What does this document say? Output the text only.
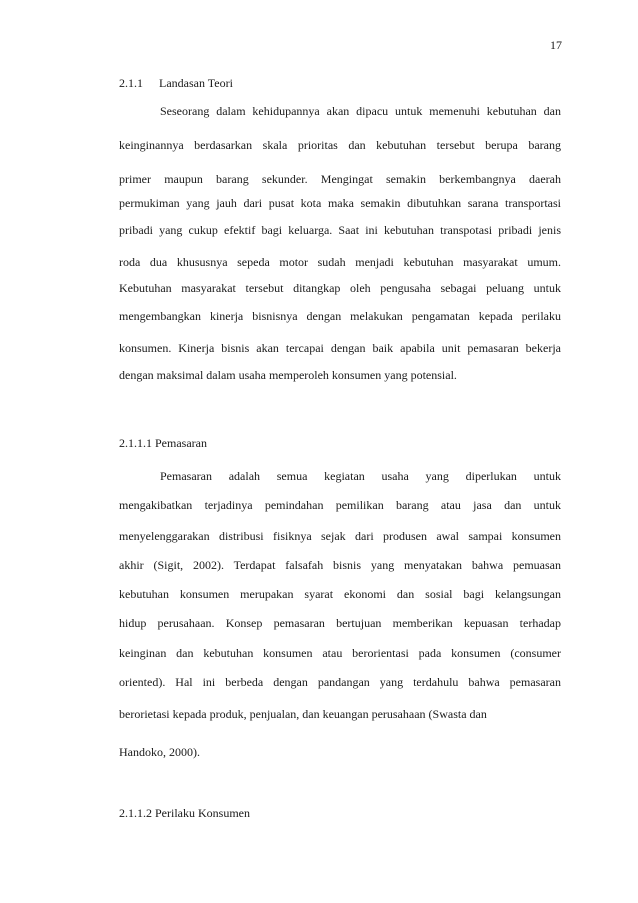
17
2.1.1 Landasan Teori
Seseorang dalam kehidupannya akan dipacu untuk memenuhi kebutuhan dan
keinginannya berdasarkan skala prioritas dan kebutuhan tersebut berupa barang
primer maupun barang sekunder. Mengingat semakin berkembangnya daerah
permukiman yang jauh dari pusat kota maka semakin dibutuhkan sarana transportasi
pribadi yang cukup efektif bagi keluarga. Saat ini kebutuhan transpotasi pribadi jenis
roda dua khususnya sepeda motor sudah menjadi kebutuhan masyarakat umum.
Kebutuhan masyarakat tersebut ditangkap oleh pengusaha sebagai peluang untuk
mengembangkan kinerja bisnisnya dengan melakukan pengamatan kepada perilaku
konsumen. Kinerja bisnis akan tercapai dengan baik apabila unit pemasaran bekerja
dengan maksimal dalam usaha memperoleh konsumen yang potensial.
2.1.1.1 Pemasaran
Pemasaran adalah semua kegiatan usaha yang diperlukan untuk
mengakibatkan terjadinya pemindahan pemilikan barang atau jasa dan untuk
menyelenggarakan distribusi fisiknya sejak dari produsen awal sampai konsumen
akhir (Sigit, 2002). Terdapat falsafah bisnis yang menyatakan bahwa pemuasan
kebutuhan konsumen merupakan syarat ekonomi dan sosial bagi kelangsungan
hidup perusahaan. Konsep pemasaran bertujuan memberikan kepuasan terhadap
keinginan dan kebutuhan konsumen atau berorientasi pada konsumen (consumer
oriented). Hal ini berbeda dengan pandangan yang terdahulu bahwa pemasaran
berorietasi kepada produk, penjualan, dan keuangan perusahaan (Swasta dan
Handoko, 2000).
2.1.1.2 Perilaku Konsumen
